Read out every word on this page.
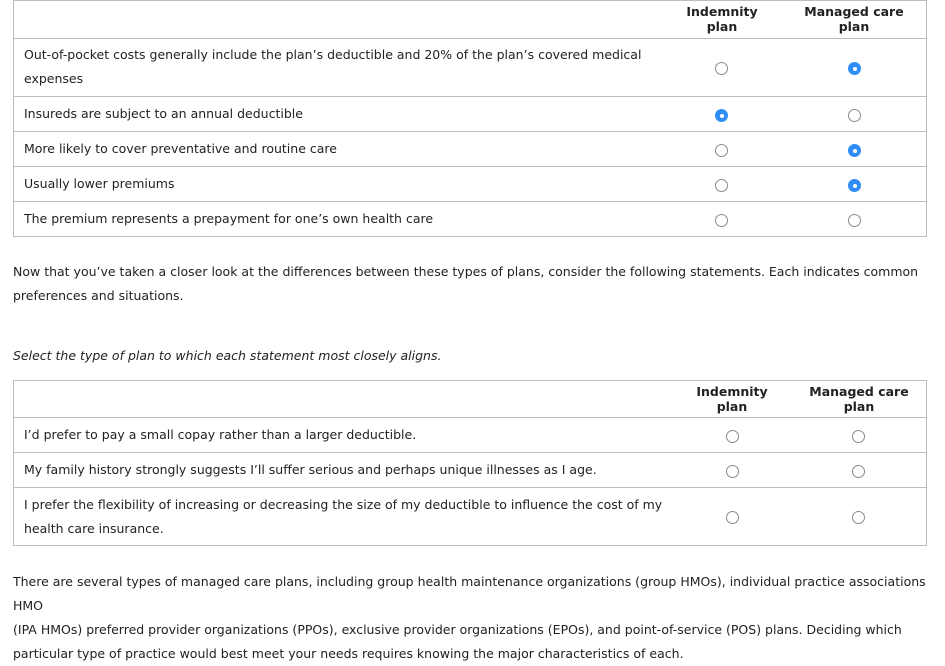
Indemnity
plan
Managed care
plan
Out-of-pocket costs generally include the plan’s deductible and 20% of the plan’s covered medical
expenses
Insureds are subject to an annual deductible
More likely to cover preventative and routine care
Usually lower premiums
The premium represents a prepayment for one’s own health care
Now that you’ve taken a closer look at the differences between these types of plans, consider the following statements. Each indicates common
preferences and situations.
Select the type of plan to which each statement most closely aligns.
Indemnity
plan
Managed care
plan
I’d prefer to pay a small copay rather than a larger deductible.
My family history strongly suggests I’ll suffer serious and perhaps unique illnesses as I age.
I prefer the flexibility of increasing or decreasing the size of my deductible to influence the cost of my
health care insurance.
There are several types of managed care plans, including group health maintenance organizations (group HMOs), individual practice associations HMO
(IPA HMOs) preferred provider organizations (PPOs), exclusive provider organizations (EPOs), and point-of-service (POS) plans. Deciding which
particular type of practice would best meet your needs requires knowing the major characteristics of each.
